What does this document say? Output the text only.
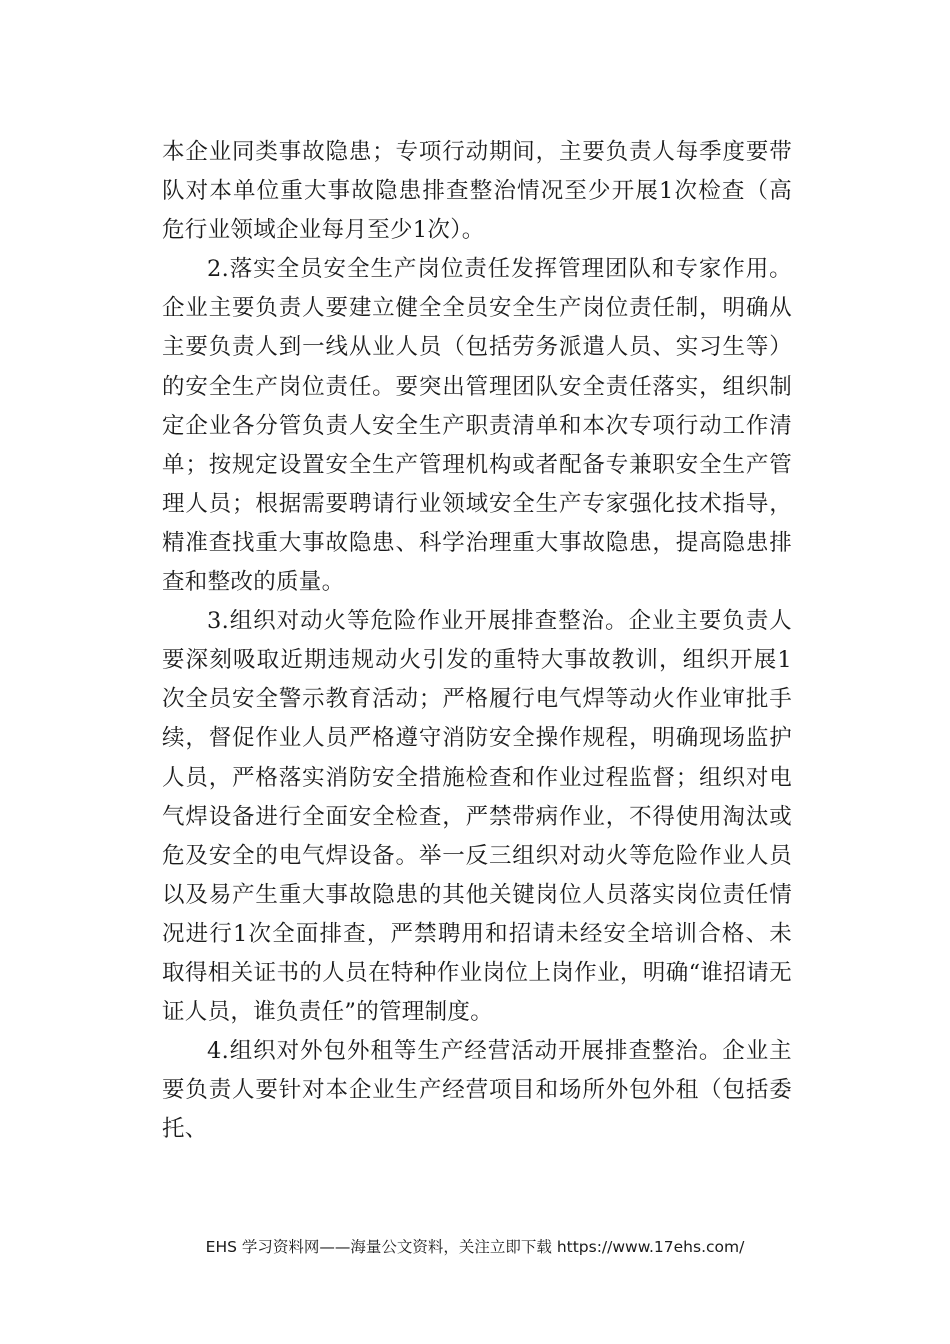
本企业同类事故隐患；专项行动期间，主要负责人每季度要带队对本单位重大事故隐患排查整治情况至少开展1次检查（高危行业领域企业每月至少1次）。

2.落实全员安全生产岗位责任发挥管理团队和专家作用。企业主要负责人要建立健全全员安全生产岗位责任制，明确从主要负责人到一线从业人员（包括劳务派遣人员、实习生等）的安全生产岗位责任。要突出管理团队安全责任落实，组织制定企业各分管负责人安全生产职责清单和本次专项行动工作清单；按规定设置安全生产管理机构或者配备专兼职安全生产管理人员；根据需要聘请行业领域安全生产专家强化技术指导，精准查找重大事故隐患、科学治理重大事故隐患，提高隐患排查和整改的质量。

3.组织对动火等危险作业开展排查整治。企业主要负责人要深刻吸取近期违规动火引发的重特大事故教训，组织开展1次全员安全警示教育活动；严格履行电气焊等动火作业审批手续，督促作业人员严格遵守消防安全操作规程，明确现场监护人员，严格落实消防安全措施检查和作业过程监督；组织对电气焊设备进行全面安全检查，严禁带病作业，不得使用淘汰或危及安全的电气焊设备。举一反三组织对动火等危险作业人员以及易产生重大事故隐患的其他关键岗位人员落实岗位责任情况进行1次全面排查，严禁聘用和招请未经安全培训合格、未取得相关证书的人员在特种作业岗位上岗作业，明确“谁招请无证人员，谁负责任”的管理制度。

4.组织对外包外租等生产经营活动开展排查整治。企业主要负责人要针对本企业生产经营项目和场所外包外租（包括委托、

EHS 学习资料网——海量公文资料，关注立即下载 https://www.17ehs.com/
